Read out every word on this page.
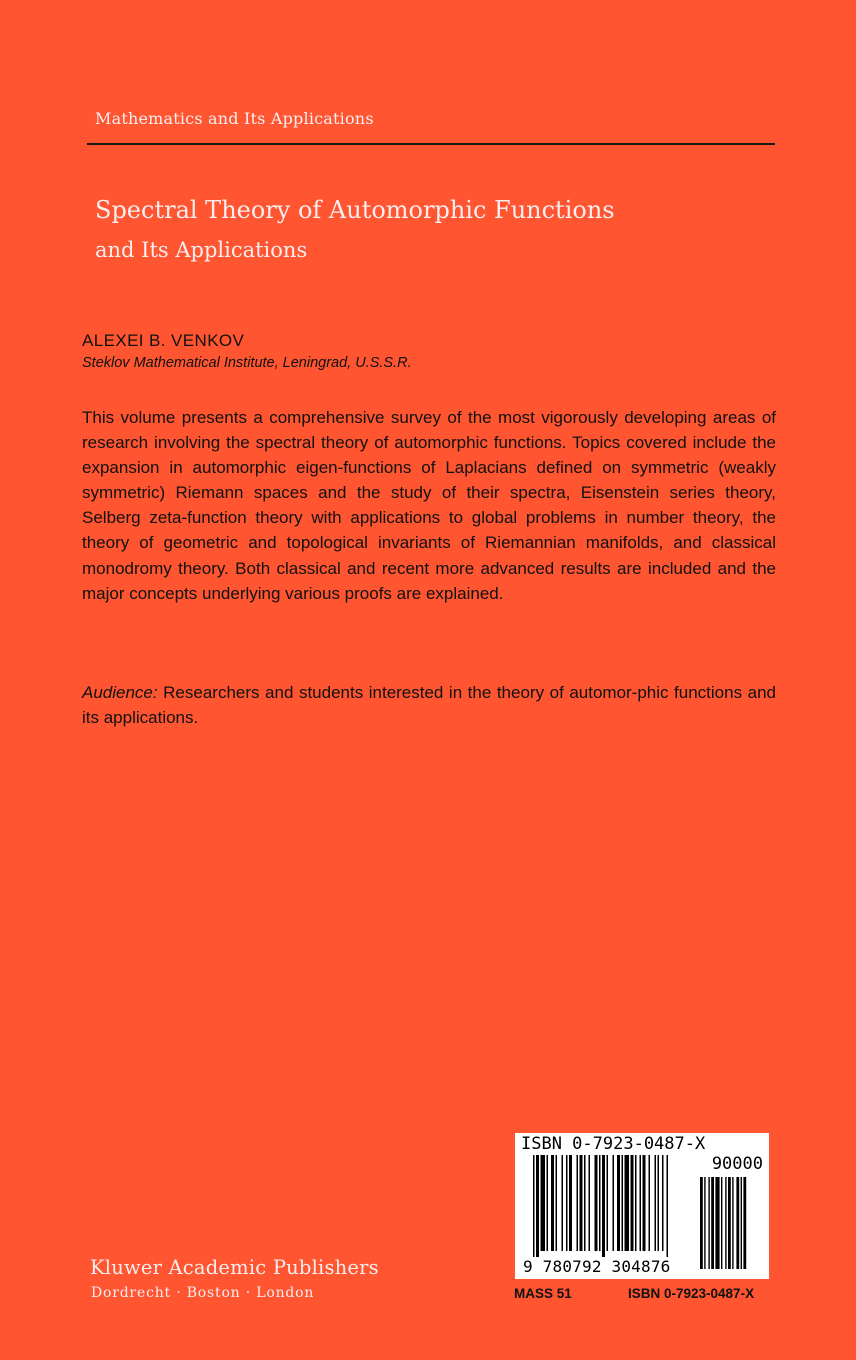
Mathematics and Its Applications
Spectral Theory of Automorphic Functions
and Its Applications
ALEXEI B. VENKOV
Steklov Mathematical Institute, Leningrad, U.S.S.R.

This volume presents a comprehensive survey of the most vigorously developing areas of research involving the spectral theory of automorphic functions. Topics covered include the expansion in automorphic eigen-functions of Laplacians defined on symmetric (weakly symmetric) Riemann spaces and the study of their spectra, Eisenstein series theory, Selberg zeta-function theory with applications to global problems in number theory, the theory of geometric and topological invariants of Riemannian manifolds, and classical monodromy theory. Both classical and recent more advanced results are included and the major concepts underlying various proofs are explained.

Audience: Researchers and students interested in the theory of automor-phic functions and its applications.

ISBN 0-7923-0487-X
90000
9 780792 304876
Kluwer Academic Publishers
Dordrecht · Boston · London	MASS 51	ISBN 0-7923-0487-X
